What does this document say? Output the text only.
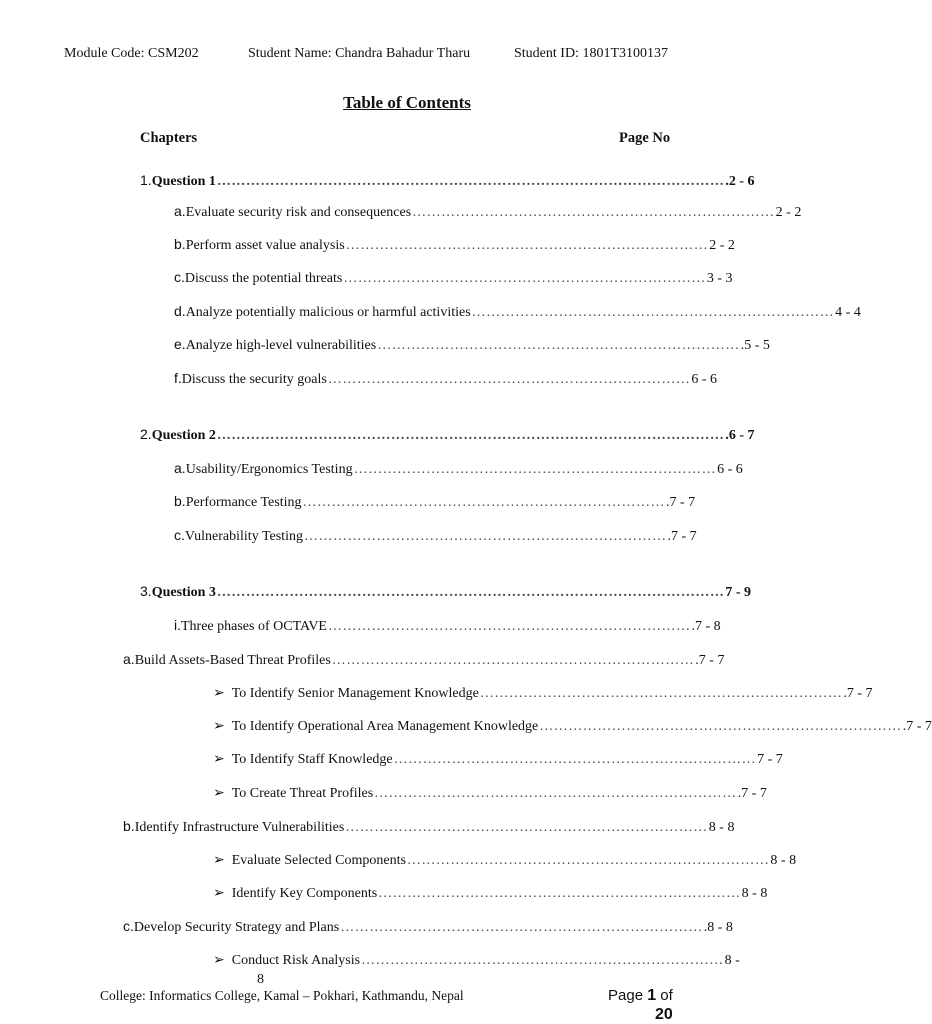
Module Code: CSM202	Student Name: Chandra Bahadur Tharu	Student ID: 1801T3100137
Table of Contents
Chapters	Page No
1. Question 1 …………………………………………………………………………………………… .2 - 6
a. Evaluate security risk and consequences ………………………………………………………………… 2 - 2
b. Perform asset value analysis ………………………………………………………………… 2 - 2
c. Discuss the potential threats ………………………………………………………………… 3 - 3
d. Analyze potentially malicious or harmful activities ………………………………………………………………… 4 - 4
e. Analyze high-level vulnerabilities ………………………………………………………………… .5 - 5
f. Discuss the security goals ………………………………………………………………… 6 - 6
2. Question 2 …………………………………………………………………………………………… .6 - 7
a. Usability/Ergonomics Testing ………………………………………………………………… 6 - 6
b. Performance Testing ………………………………………………………………… .7 - 7
c. Vulnerability Testing ………………………………………………………………… .7 - 7
3. Question 3 …………………………………………………………………………………………… 7 - 9
i. Three phases of OCTAVE ………………………………………………………………… .7 - 8
a. Build Assets-Based Threat Profiles ………………………………………………………………… .7 - 7
➢ To Identify Senior Management Knowledge ………………………………………………………………… .7 - 7
➢ To Identify Operational Area Management Knowledge ………………………………………………………………… .7 - 7
➢ To Identify Staff Knowledge ………………………………………………………………… 7 - 7
➢ To Create Threat Profiles ………………………………………………………………… .7 - 7
b. Identify Infrastructure Vulnerabilities ………………………………………………………………… 8 - 8
➢ Evaluate Selected Components ………………………………………………………………… 8 - 8
➢ Identify Key Components ………………………………………………………………… 8 - 8
c. Develop Security Strategy and Plans ………………………………………………………………… .8 - 8
➢ Conduct Risk Analysis ………………………………………………………………… 8 -
8
College: Informatics College, Kamal – Pokhari, Kathmandu, Nepal	Page 1 of
20
